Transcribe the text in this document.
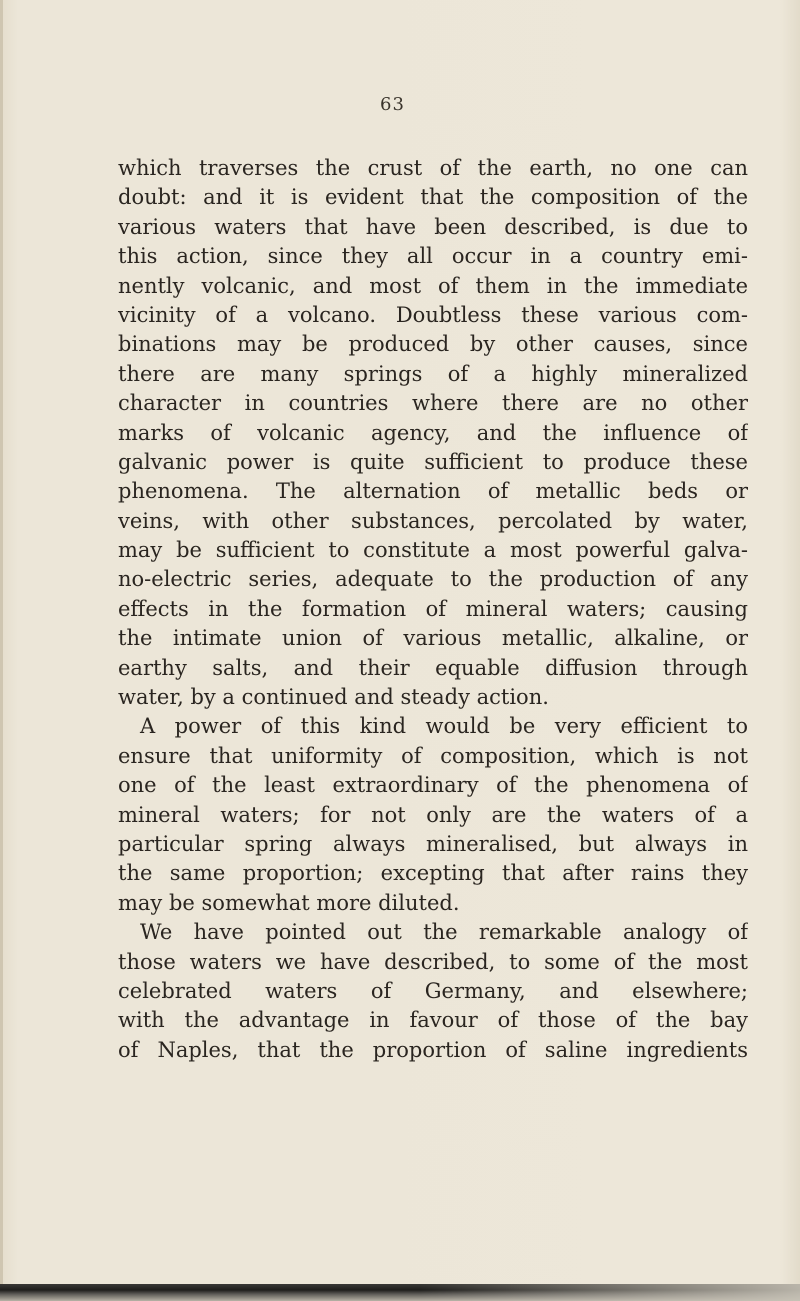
63
which traverses the crust of the earth, no one can
doubt: and it is evident that the composition of the
various waters that have been described, is due to
this action, since they all occur in a country emi-
nently volcanic, and most of them in the immediate
vicinity of a volcano. Doubtless these various com-
binations may be produced by other causes, since
there are many springs of a highly mineralized
character in countries where there are no other
marks of volcanic agency, and the influence of
galvanic power is quite sufficient to produce these
phenomena. The alternation of metallic beds or
veins, with other substances, percolated by water,
may be sufficient to constitute a most powerful galva-
no-electric series, adequate to the production of any
effects in the formation of mineral waters; causing
the intimate union of various metallic, alkaline, or
earthy salts, and their equable diffusion through
water, by a continued and steady action.
A power of this kind would be very efficient to
ensure that uniformity of composition, which is not
one of the least extraordinary of the phenomena of
mineral waters; for not only are the waters of a
particular spring always mineralised, but always in
the same proportion; excepting that after rains they
may be somewhat more diluted.
We have pointed out the remarkable analogy of
those waters we have described, to some of the most
celebrated waters of Germany, and elsewhere;
with the advantage in favour of those of the bay
of Naples, that the proportion of saline ingredients
